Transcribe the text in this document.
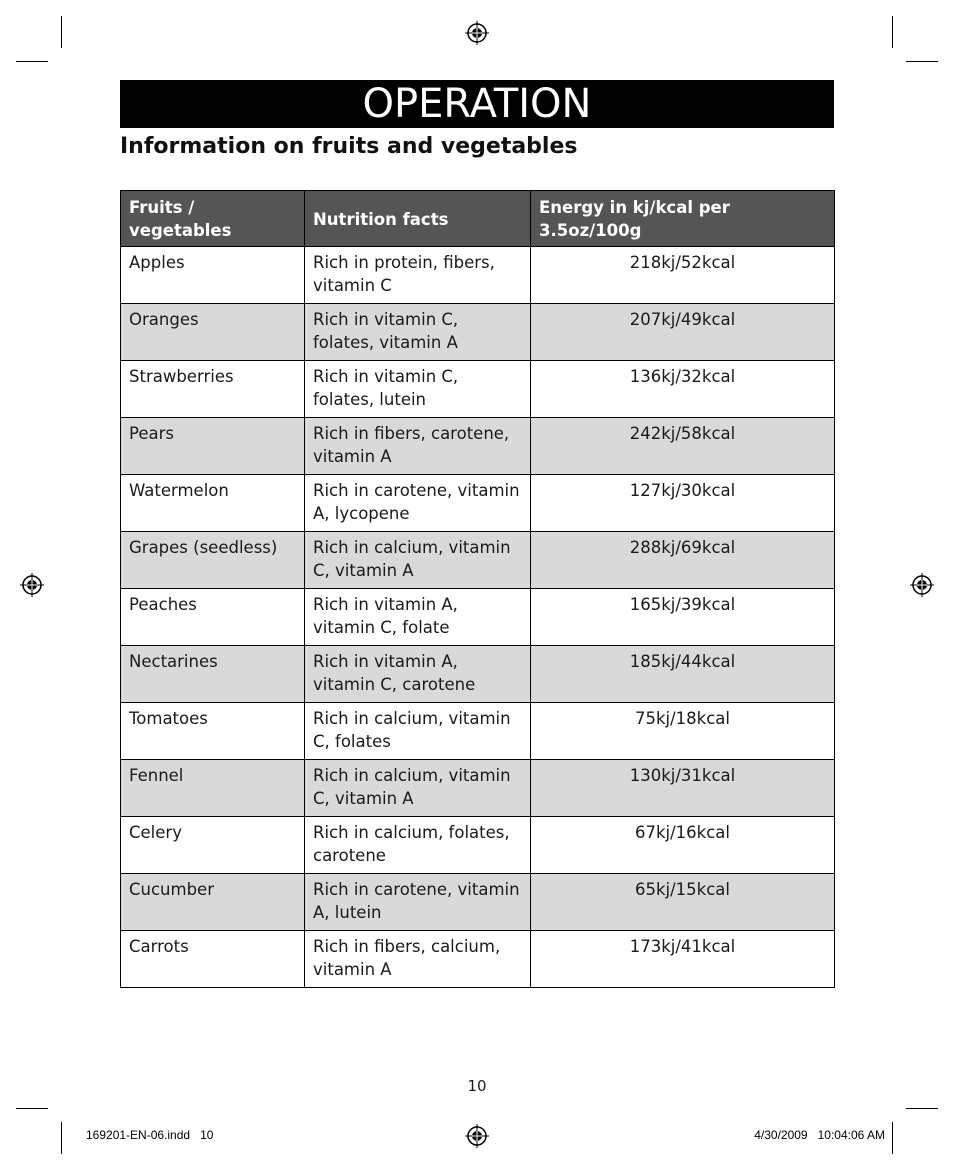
OPERATION
Information on fruits and vegetables
Fruits / vegetables	Nutrition facts	Energy in kj/kcal per 3.5oz/100g
Apples	Rich in protein, fibers, vitamin C	218kj/52kcal
Oranges	Rich in vitamin C, folates, vitamin A	207kj/49kcal
Strawberries	Rich in vitamin C, folates, lutein	136kj/32kcal
Pears	Rich in fibers, carotene, vitamin A	242kj/58kcal
Watermelon	Rich in carotene, vitamin A, lycopene	127kj/30kcal
Grapes (seedless)	Rich in calcium, vitamin C, vitamin A	288kj/69kcal
Peaches	Rich in vitamin A, vitamin C, folate	165kj/39kcal
Nectarines	Rich in vitamin A, vitamin C, carotene	185kj/44kcal
Tomatoes	Rich in calcium, vitamin C, folates	75kj/18kcal
Fennel	Rich in calcium, vitamin C, vitamin A	130kj/31kcal
Celery	Rich in calcium, folates, carotene	67kj/16kcal
Cucumber	Rich in carotene, vitamin A, lutein	65kj/15kcal
Carrots	Rich in fibers, calcium, vitamin A	173kj/41kcal
10
169201-EN-06.indd   10	4/30/2009   10:04:06 AM
